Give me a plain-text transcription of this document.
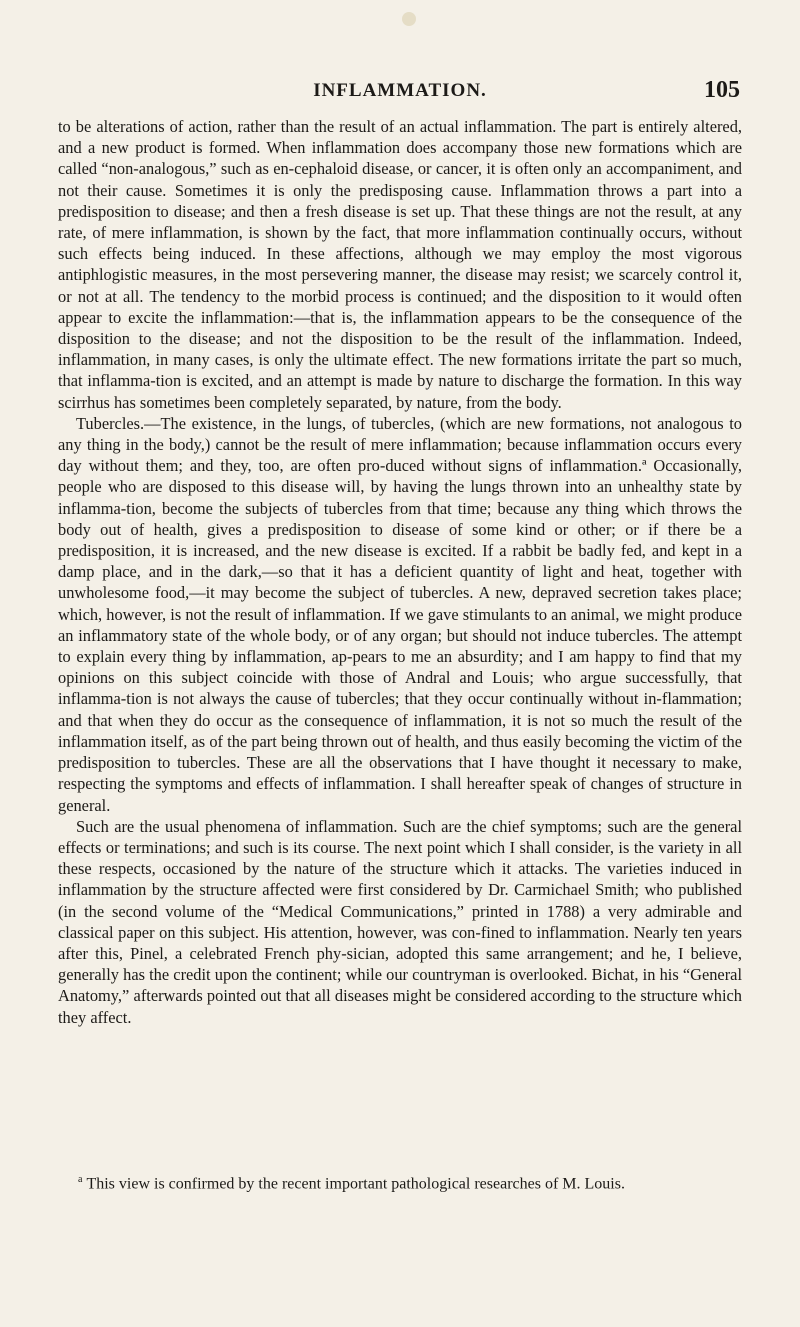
INFLAMMATION.	105

to be alterations of action, rather than the result of an actual inflammation. The part is entirely altered, and a new product is formed. When inflammation does accompany those new formations which are called “non-analogous,” such as en-cephaloid disease, or cancer, it is often only an accompaniment, and not their cause. Sometimes it is only the predisposing cause. Inflammation throws a part into a predisposition to disease; and then a fresh disease is set up. That these things are not the result, at any rate, of mere inflammation, is shown by the fact, that more inflammation continually occurs, without such effects being induced. In these affections, although we may employ the most vigorous antiphlogistic measures, in the most persevering manner, the disease may resist; we scarcely control it, or not at all. The tendency to the morbid process is continued; and the disposition to it would often appear to excite the inflammation:—that is, the inflammation appears to be the consequence of the disposition to the disease; and not the disposition to be the result of the inflammation. Indeed, inflammation, in many cases, is only the ultimate effect. The new formations irritate the part so much, that inflamma-tion is excited, and an attempt is made by nature to discharge the formation. In this way scirrhus has sometimes been completely separated, by nature, from the body.

Tubercles.—The existence, in the lungs, of tubercles, (which are new formations, not analogous to any thing in the body,) cannot be the result of mere inflammation; because inflammation occurs every day without them; and they, too, are often pro-duced without signs of inflammation.ª Occasionally, people who are disposed to this disease will, by having the lungs thrown into an unhealthy state by inflamma-tion, become the subjects of tubercles from that time; because any thing which throws the body out of health, gives a predisposition to disease of some kind or other; or if there be a predisposition, it is increased, and the new disease is excited. If a rabbit be badly fed, and kept in a damp place, and in the dark,—so that it has a deficient quantity of light and heat, together with unwholesome food,—it may become the subject of tubercles. A new, depraved secretion takes place; which, however, is not the result of inflammation. If we gave stimulants to an animal, we might produce an inflammatory state of the whole body, or of any organ; but should not induce tubercles. The attempt to explain every thing by inflammation, ap-pears to me an absurdity; and I am happy to find that my opinions on this subject coincide with those of Andral and Louis; who argue successfully, that inflamma-tion is not always the cause of tubercles; that they occur continually without in-flammation; and that when they do occur as the consequence of inflammation, it is not so much the result of the inflammation itself, as of the part being thrown out of health, and thus easily becoming the victim of the predisposition to tubercles. These are all the observations that I have thought it necessary to make, respecting the symptoms and effects of inflammation. I shall hereafter speak of changes of structure in general.

Such are the usual phenomena of inflammation. Such are the chief symptoms; such are the general effects or terminations; and such is its course. The next point which I shall consider, is the variety in all these respects, occasioned by the nature of the structure which it attacks. The varieties induced in inflammation by the structure affected were first considered by Dr. Carmichael Smith; who published (in the second volume of the “Medical Communications,” printed in 1788) a very admirable and classical paper on this subject. His attention, however, was con-fined to inflammation. Nearly ten years after this, Pinel, a celebrated French phy-sician, adopted this same arrangement; and he, I believe, generally has the credit upon the continent; while our countryman is overlooked. Bichat, in his “General Anatomy,” afterwards pointed out that all diseases might be considered according to the structure which they affect.

$^a$ This view is confirmed by the recent important pathological researches of M. Louis.
